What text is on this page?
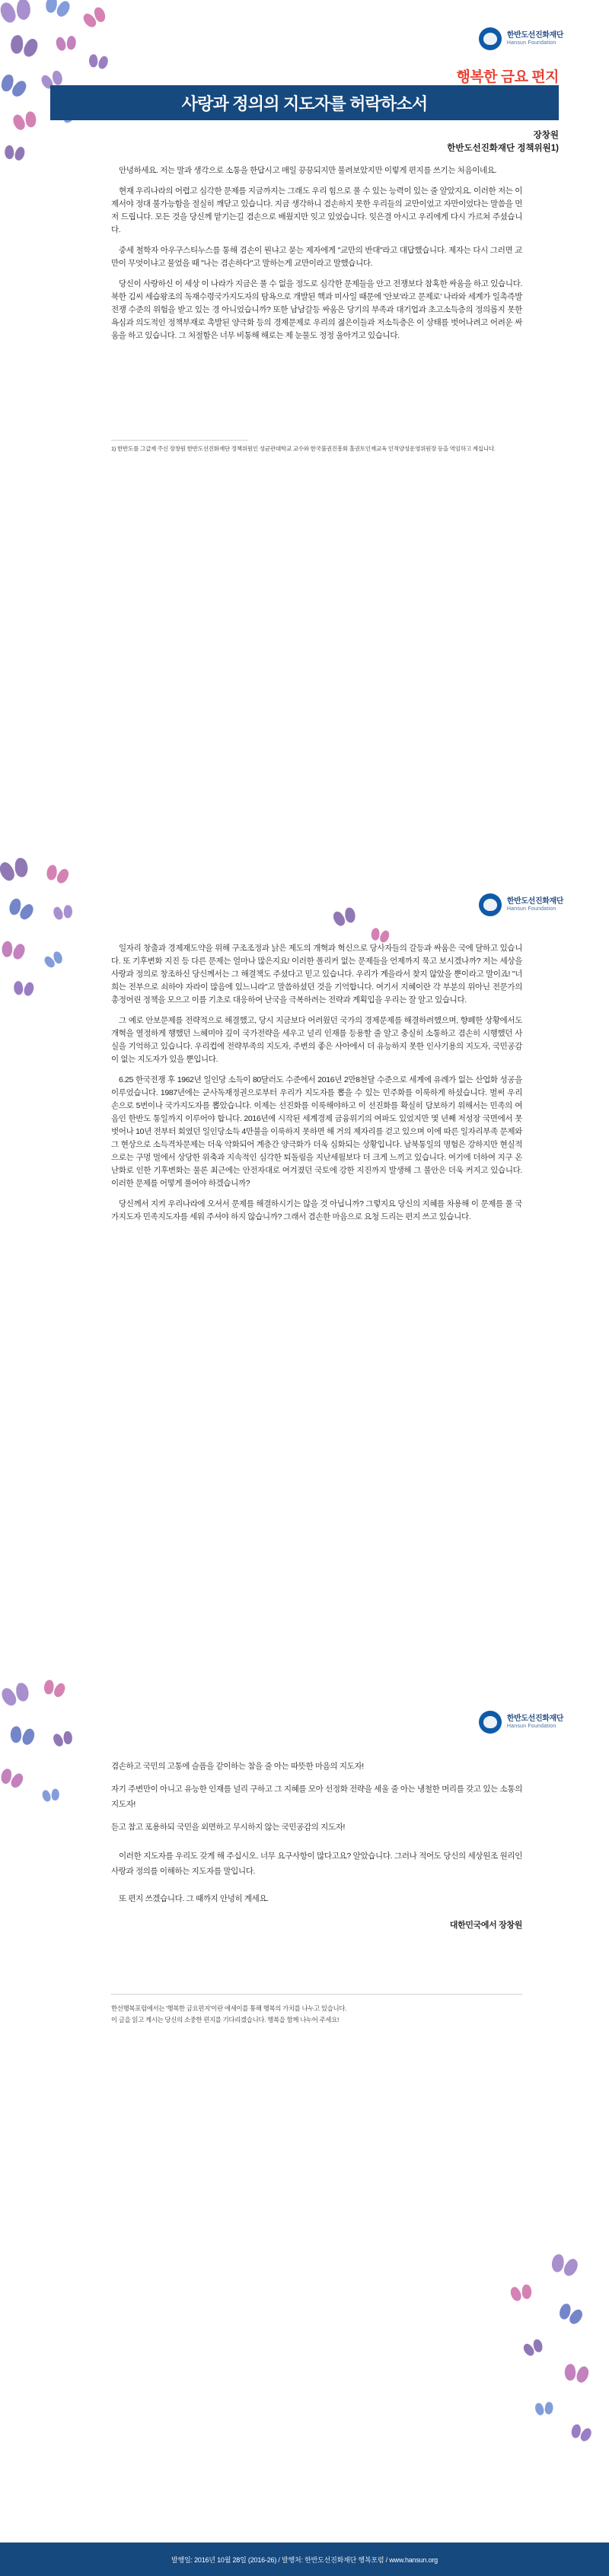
한반도선진화재단
Hansun Foundation
한반도선진화재단
Hansun Foundation
한반도선진화재단
Hansun Foundation
행복한 금요 편지
사랑과 정의의 지도자를 허락하소서
장창원
한반도선진화재단 정책위원1)

안녕하세요. 저는 말과 생각으로 소통을 한답시고 매일 끙끙되지만 불려보았지만 이렇게 편지를 쓰기는 처음이네요.

현재 우리나라의 어렵고 심각한 문제를 지금까지는 그래도 우리 힘으로 풀 수 있는 능력이 있는 줄 알았지요. 이러한 저는 이제서야 정대 불가능함을 절실히 깨닫고 있습니다. 지금 생각하니 겸손하지 못한 우리들의 교만이었고 자만이었다는 말씀을 먼저 드립니다. 모든 것을 당신께 맡기는길 겸손으로 배웠지만 잊고 있었습니다. 잊은결 아시고 우리에게 다시 가르쳐 주셨습니다.

중세 철학자 아우구스티누스를 통해 겸손이 뭔냐고 묻는 제자에게 "교만의 반대"라고 대답했습니다. 제자는 다시 그러면 교만이 무엇이냐고 물었을 때 "나는 겸손하다"고 말하는게 교만이라고 말했습니다.

당신이 사랑하신 이 세상 이 나라가 지금은 풀 수 없을 정도로 심각한 문제들을 안고 전쟁보다 참혹한 싸움을 하고 있습니다. 북한 김씨 세습왕조의 독재수령국가지도자의 탐욕으로 개발된 핵과 미사일 때문에 '안보'라고 문제로' 나라와 세계가 일촉즉발 전쟁 수준의 위험을 받고 있는 경 아니었습니까? 또한 남남갈등 싸움은 당기의 부족과 대기업과 초고소득층의 정의롭지 못한 욕심과 의도적인 정책부재로 촉발된 양극화 등의 경제문제로 우리의 젊은이들과 저소득층은 이 상태를 벗어나려고 어려운 싸움을 하고 있습니다. 그 처절함은 너무 비통해 해로는 제 눈물도 정정 울아겨고 있습니다.

1) 한반도를 그급재 주신 장창원 한반도선진화재단 정책위원인 성균관대학교 교수와 한국불권진흥회 홀권토인재교육 인적양성운영위원장 등을 역임하고 계십니다.

일자리 창출과 경제재도약을 위해 구조조정과 낡은 제도의 개혁과 혁신으로 당사자들의 갈등과 싸움은 국에 달하고 있습니다. 또 기후변화 지진 등 다른 문제는 얼마나 많은지요! 이러한 폴리커 없는 문제들을 언제까지 묵고 보시겠나까? 저는 세상을 사랑과 정의로 창조하신 당신께서는 그 해결책도 주셨다고 믿고 있습니다. 우리가 계을라서 찾지 않았을 뿐이라고 말이죠! "너희는 전부으로 쇠하야 자라이 많음에 있느니라"고 말씀하셨던 것을 기억합니다. 여기서 지혜이란 각 부분의 위아닌 전문가의 총정어린 정책을 모으고 이를 기초로 대응하여 난국을 극복하려는 전략과 계획입을 우리는 잘 알고 있습니다.

그 예로 안보문제를 전략적으로 해결했고, 당시 지금보다 어려웠던 국가의 경제문제를 해결하려했으며, 향폐한 상황에서도 개혁을 열정하게 행했던 느헤미야 깊이 국가전략을 세우고 널리 인재를 등용할 줄 알고 충실히 소통하고 겸손히 시행했던 사실을 기억하고 있습니다. 우리컵에 전략부족의 지도자, 주변의 좋은 사아에서 더 유능하지 못한 인사기용의 지도자, 국민공감이 없는 지도자가 있을 뿐입니다.

6.25 한국전쟁 후 1962년 일인당 소득이 80달러도 수준에서 2016년 2만8천달 수준으로 세계에 유례가 없는 산업화 성공을 이루었습니다. 1987년에는 군사독재정권으로부터 우리가 지도자를 뽑을 수 있는 민주화를 이룩하게 하셨습니다. 벌써 우리 손으로 5번이나 국가지도자를 뽑았습니다. 이제는 선진화를 이룩해야하고 이 선진화를 확실히 담보하기 위해서는 민족의 여음인 한반도 통일까지 이루어야 합니다. 2016년에 시작된 세계경제 금융위기의 여파도 있었지만 몇 년째 저성장 국면에서 못 벗어나 10년 전부터 회였던 일인당소득 4만불을 이룩하지 못하면 해 거의 제자리를 걷고 있으며 이에 따른 일자리부족 문제와 그 현상으로 소득격차문제는 더욱 악화되어 계층간 양극화가 더욱 심화되는 상황입니다. 남북통일의 명험은 강하지만 현실적으로는 구멍 멀에서 상당한 위축과 지속적인 심각한 퇴돌림을 지난세월보다 더 크게 느끼고 있습니다. 여기에 더하여 지구 온난화로 인한 기후변화는 물론 최근에는 안전자대로 여겨졌던 국토에 강한 지진까지 발생해 그 불안은 더욱 커지고 있습니다. 이러한 문제를 어떻게 풀어야 하겠습니까?

당신께서 지켜 우리나라에 오셔서 문제를 해결하시기는 않을 것 아닙니까? 그렇지요 당신의 지혜를 차용해 이 문제를 풀 국가지도자 민족지도자를 세워 주셔야 하지 않습니까? 그래서 겸손한 마음으로 요청 드리는 편지 쓰고 있습니다.

겸손하고 국민의 고통에 슬픔을 같이하는 참을 줄 아는 따뜻한 마음의 지도자!

자기 주변만이 아니고 유능한 인재를 널리 구하고 그 지혜를 모아 선정화 전략을 세울 줄 아는 냉철한 머리를 갖고 있는 소통의 지도자!

듣고 참고 포용하되 국민을 외면하고 무시하지 않는 국민공감의 지도자!

이러한 지도자를 우리도 갖게 해 주십시오. 너무 요구사항이 많다고요? 알았습니다. 그러나 적어도 당신의 세상원조 원리인 사랑과 정의를 이해하는 지도자를 말입니다.

또 편지 쓰겠습니다. 그 때까지 안녕히 계세요.

대한민국에서 장창원
한선행복포럼에서는 '행복한 금요편지'이란 에세이를 통해 행복의 가치를 나누고 있습니다.
이 글을 읽고 계시는 당신의 소중한 편지를 기다리겠습니다. 행복을 함께 나누어 주세요!
발행일: 2016년 10월 28일 (2016-26) / 발행처: 한반도선진화재단 행복포럼 / www.hansun.org
